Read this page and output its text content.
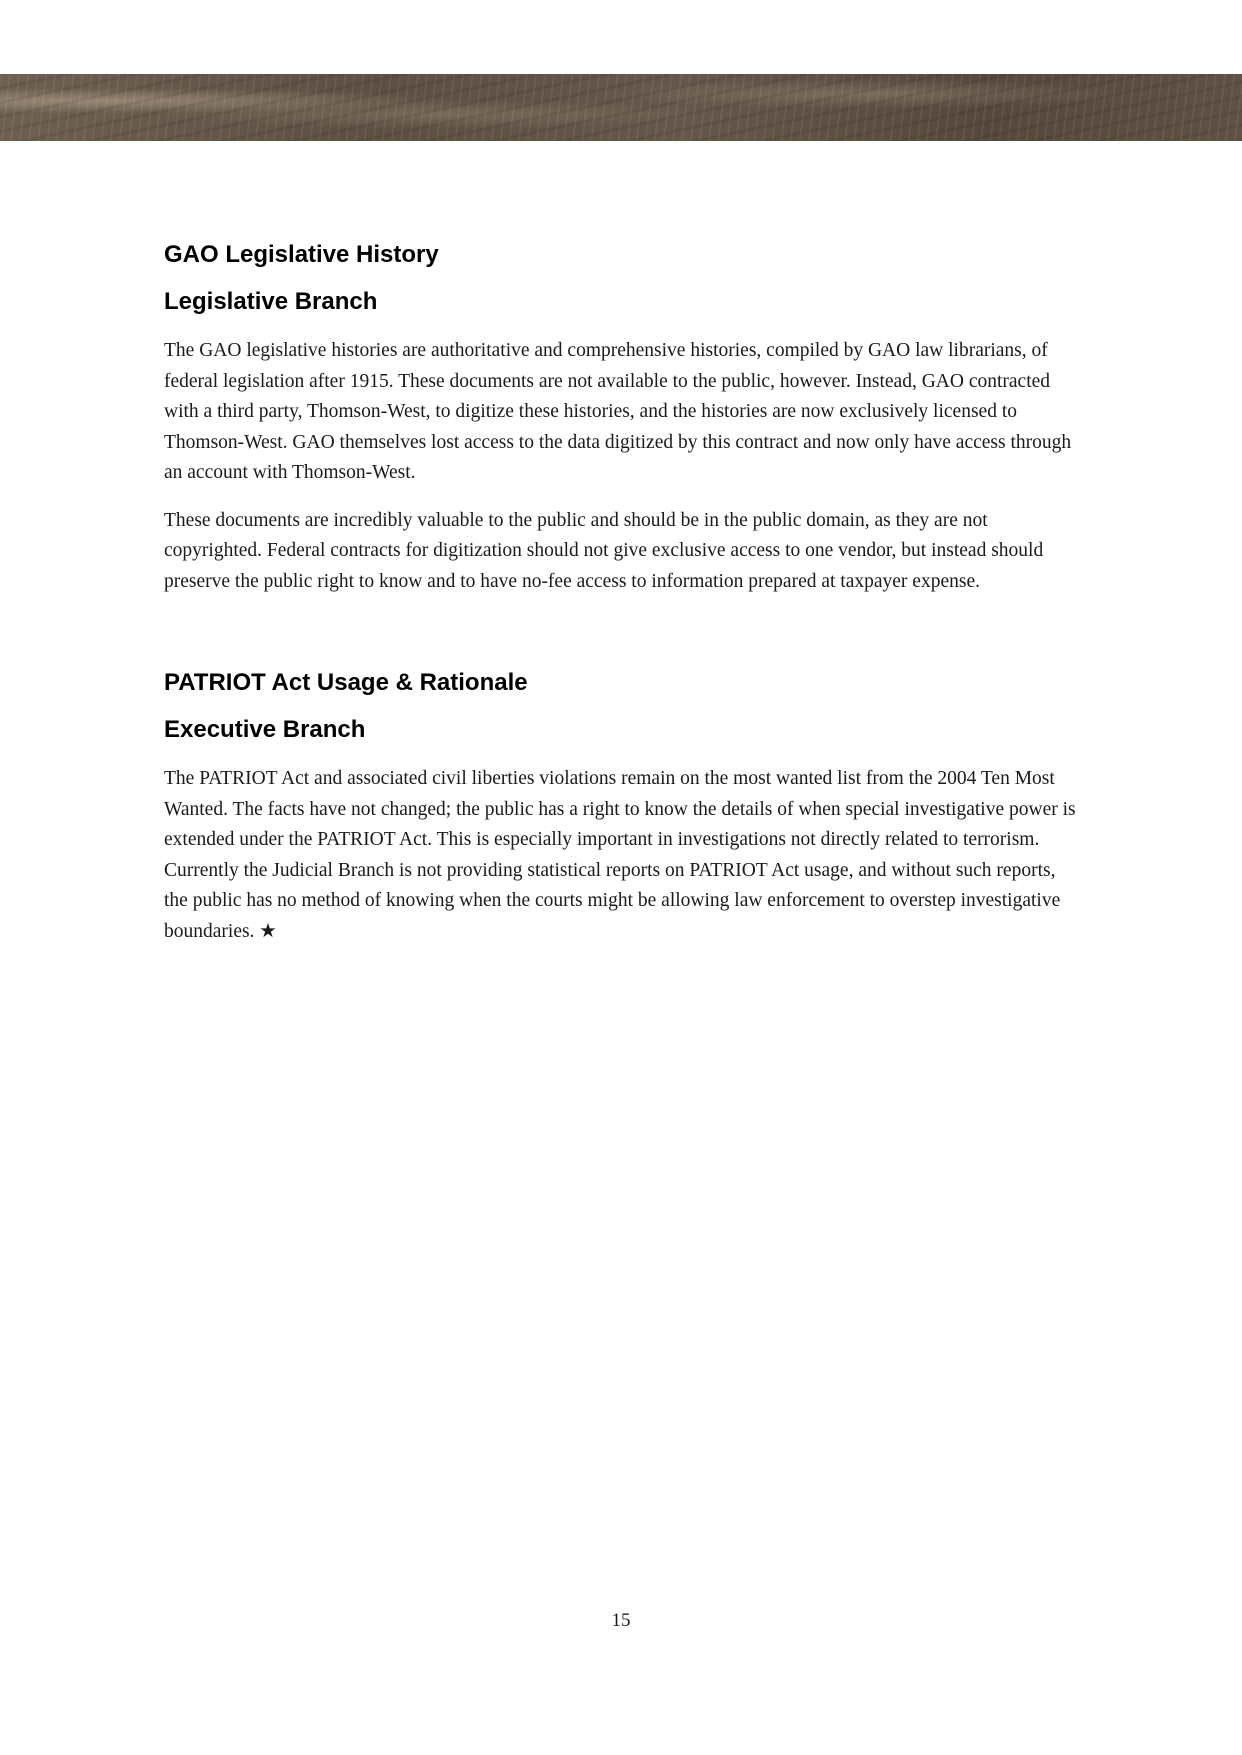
GAO Legislative History
Legislative Branch

The GAO legislative histories are authoritative and comprehensive histories, compiled by GAO law librarians, of federal legislation after 1915. These documents are not available to the public, however. Instead, GAO contracted with a third party, Thomson-West, to digitize these histories, and the histories are now exclusively licensed to Thomson-West. GAO themselves lost access to the data digitized by this contract and now only have access through an account with Thomson-West.

These documents are incredibly valuable to the public and should be in the public domain, as they are not copyrighted. Federal contracts for digitization should not give exclusive access to one vendor, but instead should preserve the public right to know and to have no-fee access to information prepared at taxpayer expense.

PATRIOT Act Usage & Rationale
Executive Branch

The PATRIOT Act and associated civil liberties violations remain on the most wanted list from the 2004 Ten Most Wanted. The facts have not changed; the public has a right to know the details of when special investigative power is extended under the PATRIOT Act. This is especially important in investigations not directly related to terrorism. Currently the Judicial Branch is not providing statistical reports on PATRIOT Act usage, and without such reports, the public has no method of knowing when the courts might be allowing law enforcement to overstep investigative boundaries. ★

15
